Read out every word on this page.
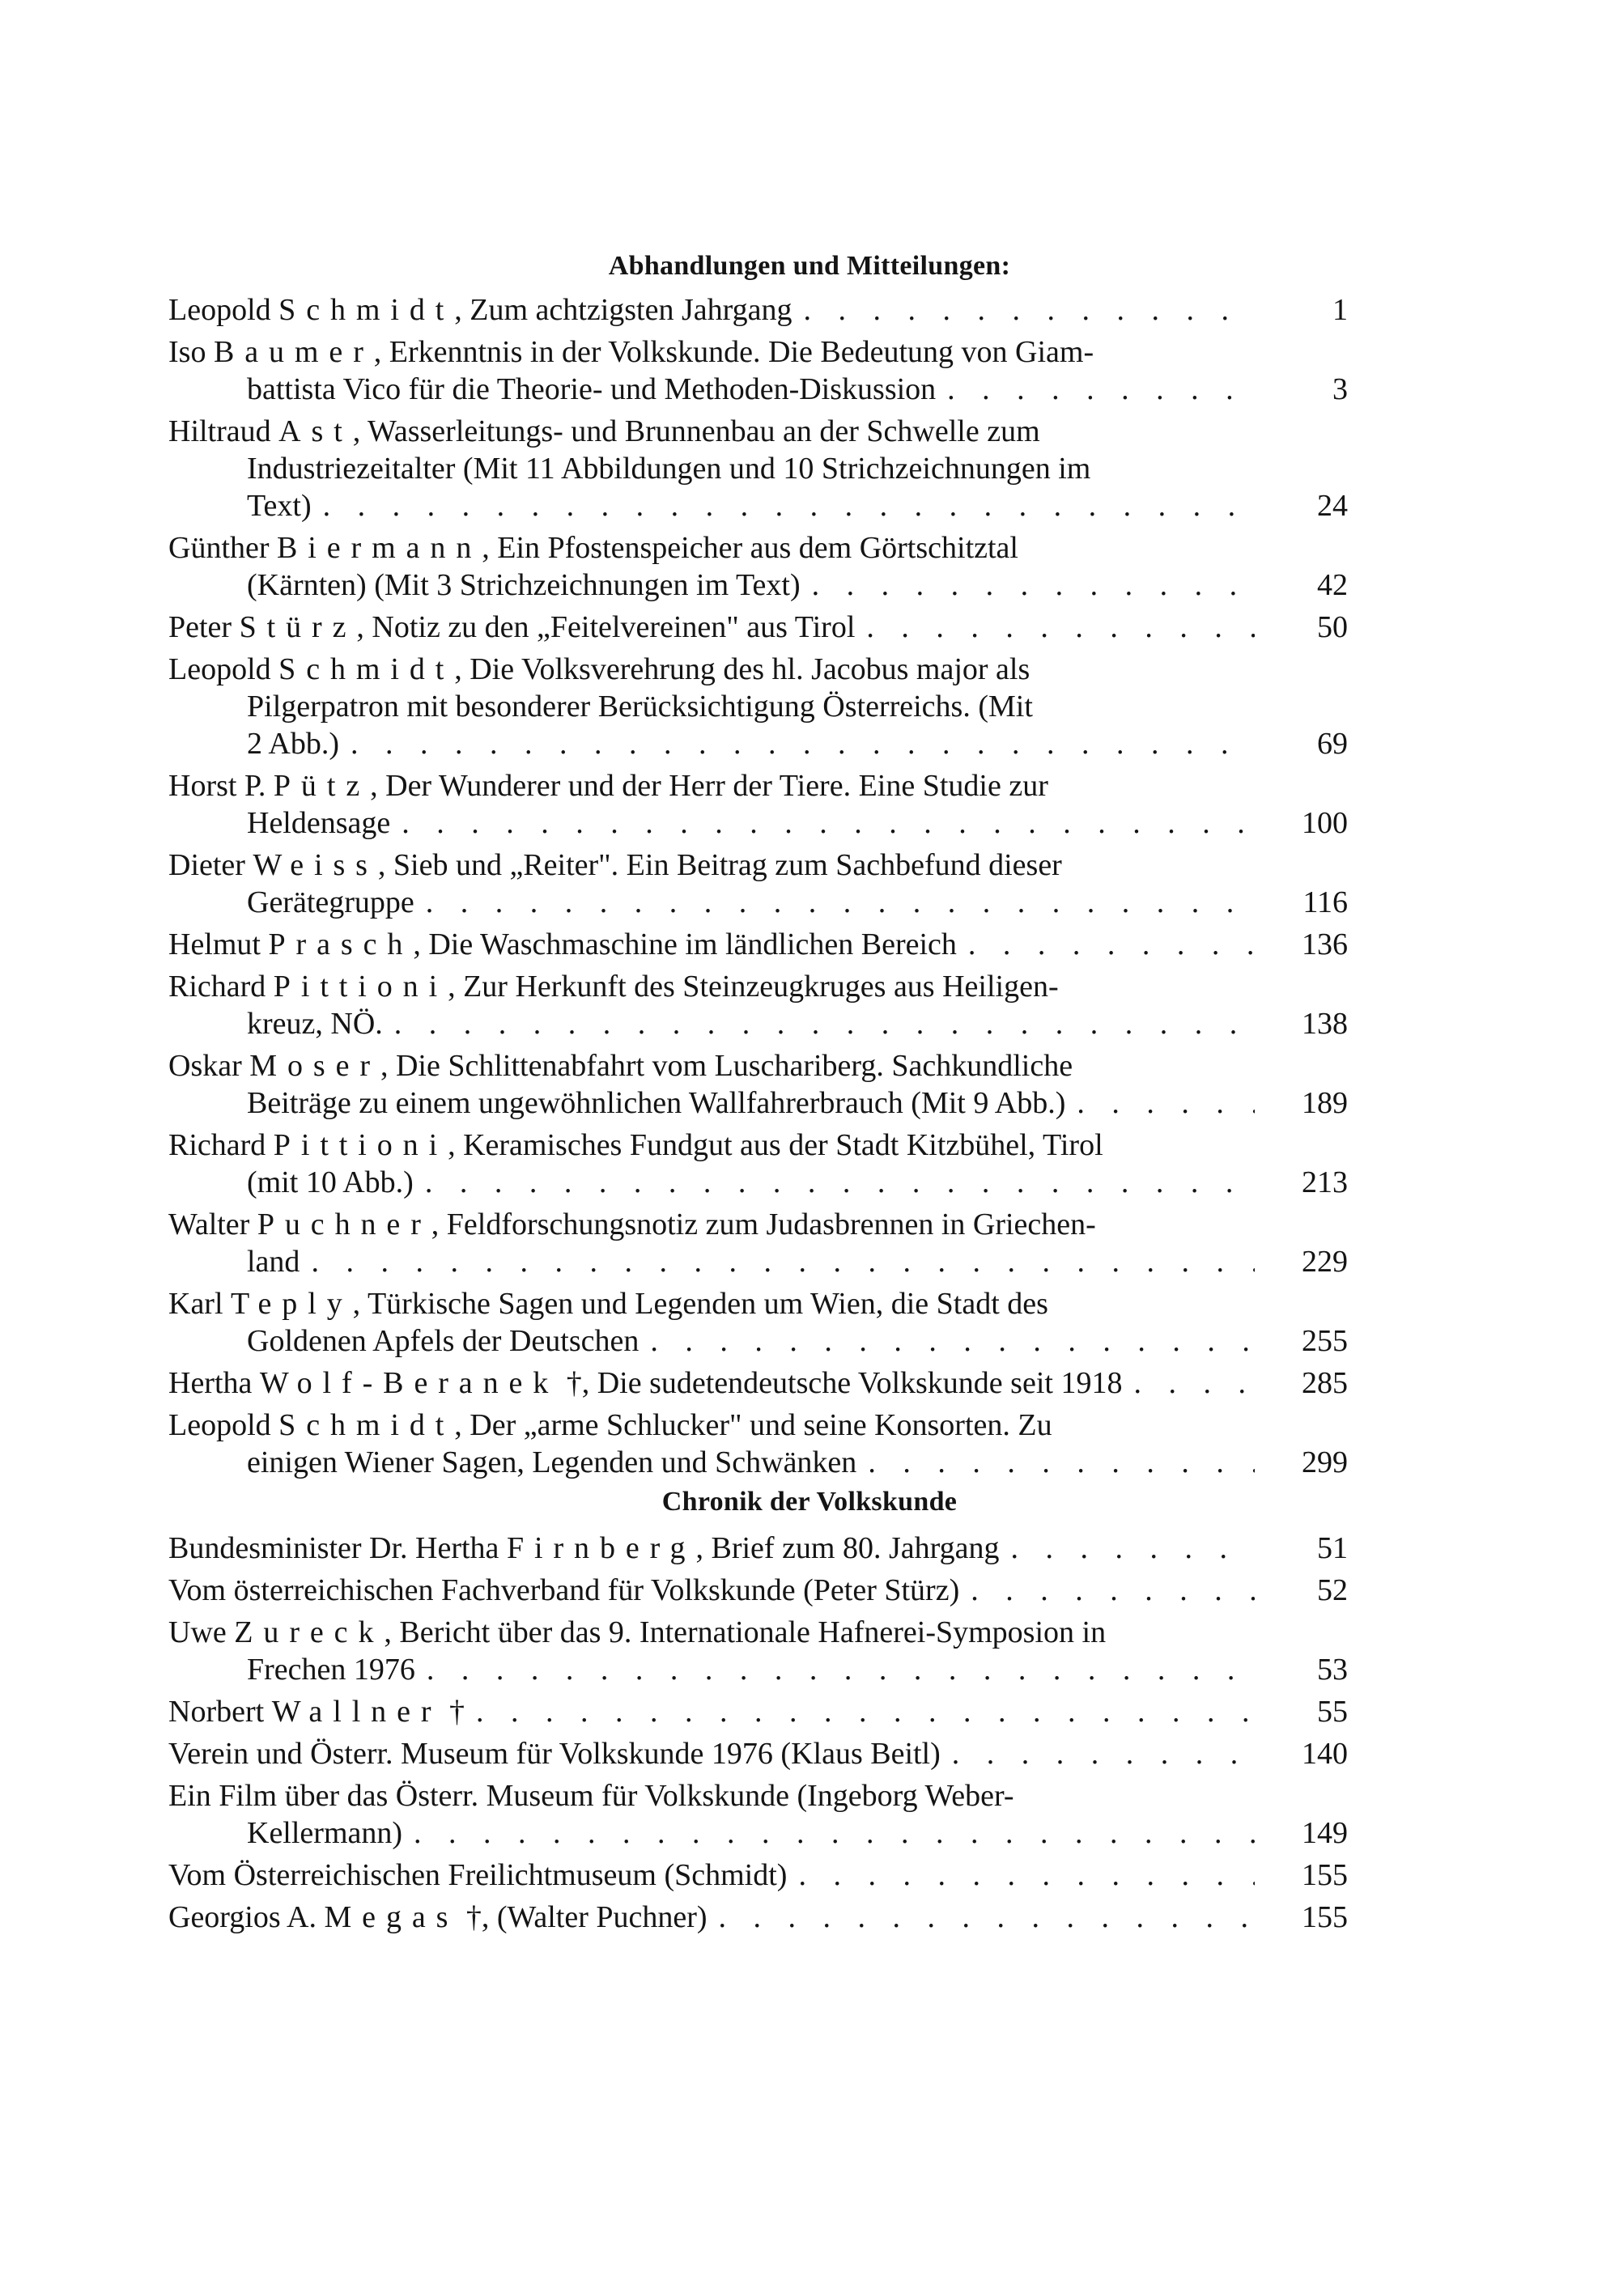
Abhandlungen und Mitteilungen:
Leopold Schmidt, Zum achtzigsten Jahrgang . . .	1
Iso Baumer, Erkenntnis in der Volkskunde. Die Bedeutung von Giam-
battista Vico für die Theorie- und Methoden-Diskussion . . .	3
Hiltraud Ast, Wasserleitungs- und Brunnenbau an der Schwelle zum
Industriezeitalter (Mit 11 Abbildungen und 10 Strichzeichnungen im
Text) . . .	24
Günther Biermann, Ein Pfostenspeicher aus dem Görtschitztal
(Kärnten) (Mit 3 Strichzeichnungen im Text) . . .	42
Peter Stürz, Notiz zu den „Feitelvereinen" aus Tirol . . .	50
Leopold Schmidt, Die Volksverehrung des hl. Jacobus major als
Pilgerpatron mit besonderer Berücksichtigung Österreichs. (Mit
2 Abb.) . . .	69
Horst P. Pütz, Der Wunderer und der Herr der Tiere. Eine Studie zur
Heldensage . . .	100
Dieter Weiss, Sieb und „Reiter". Ein Beitrag zum Sachbefund dieser
Gerätegruppe . . .	116
Helmut Prasch, Die Waschmaschine im ländlichen Bereich . . .	136
Richard Pittioni, Zur Herkunft des Steinzeugkruges aus Heiligen-
kreuz, NÖ. . . .	138
Oskar Moser, Die Schlittenabfahrt vom Luschariberg. Sachkundliche
Beiträge zu einem ungewöhnlichen Wallfahrerbrauch (Mit 9 Abb.) . . .	189
Richard Pittioni, Keramisches Fundgut aus der Stadt Kitzbühel, Tirol
(mit 10 Abb.) . . .	213
Walter Puchner, Feldforschungsnotiz zum Judasbrennen in Griechen-
land . . .	229
Karl Teply, Türkische Sagen und Legenden um Wien, die Stadt des
Goldenen Apfels der Deutschen . . .	255
Hertha Wolf-Beranek †, Die sudetendeutsche Volkskunde seit 1918 . . .	285
Leopold Schmidt, Der „arme Schlucker" und seine Konsorten. Zu
einigen Wiener Sagen, Legenden und Schwänken . . .	299
Chronik der Volkskunde
Bundesminister Dr. Hertha Firnberg, Brief zum 80. Jahrgang . . .	51
Vom österreichischen Fachverband für Volkskunde (Peter Stürz) . . .	52
Uwe Zureck, Bericht über das 9. Internationale Hafnerei-Symposion in
Frechen 1976 . . .	53
Norbert Wallner † . . .	55
Verein und Österr. Museum für Volkskunde 1976 (Klaus Beitl) . . .	140
Ein Film über das Österr. Museum für Volkskunde (Ingeborg Weber-
Kellermann) . . .	149
Vom Österreichischen Freilichtmuseum (Schmidt) . . .	155
Georgios A. Megas †, (Walter Puchner) . . .	155
